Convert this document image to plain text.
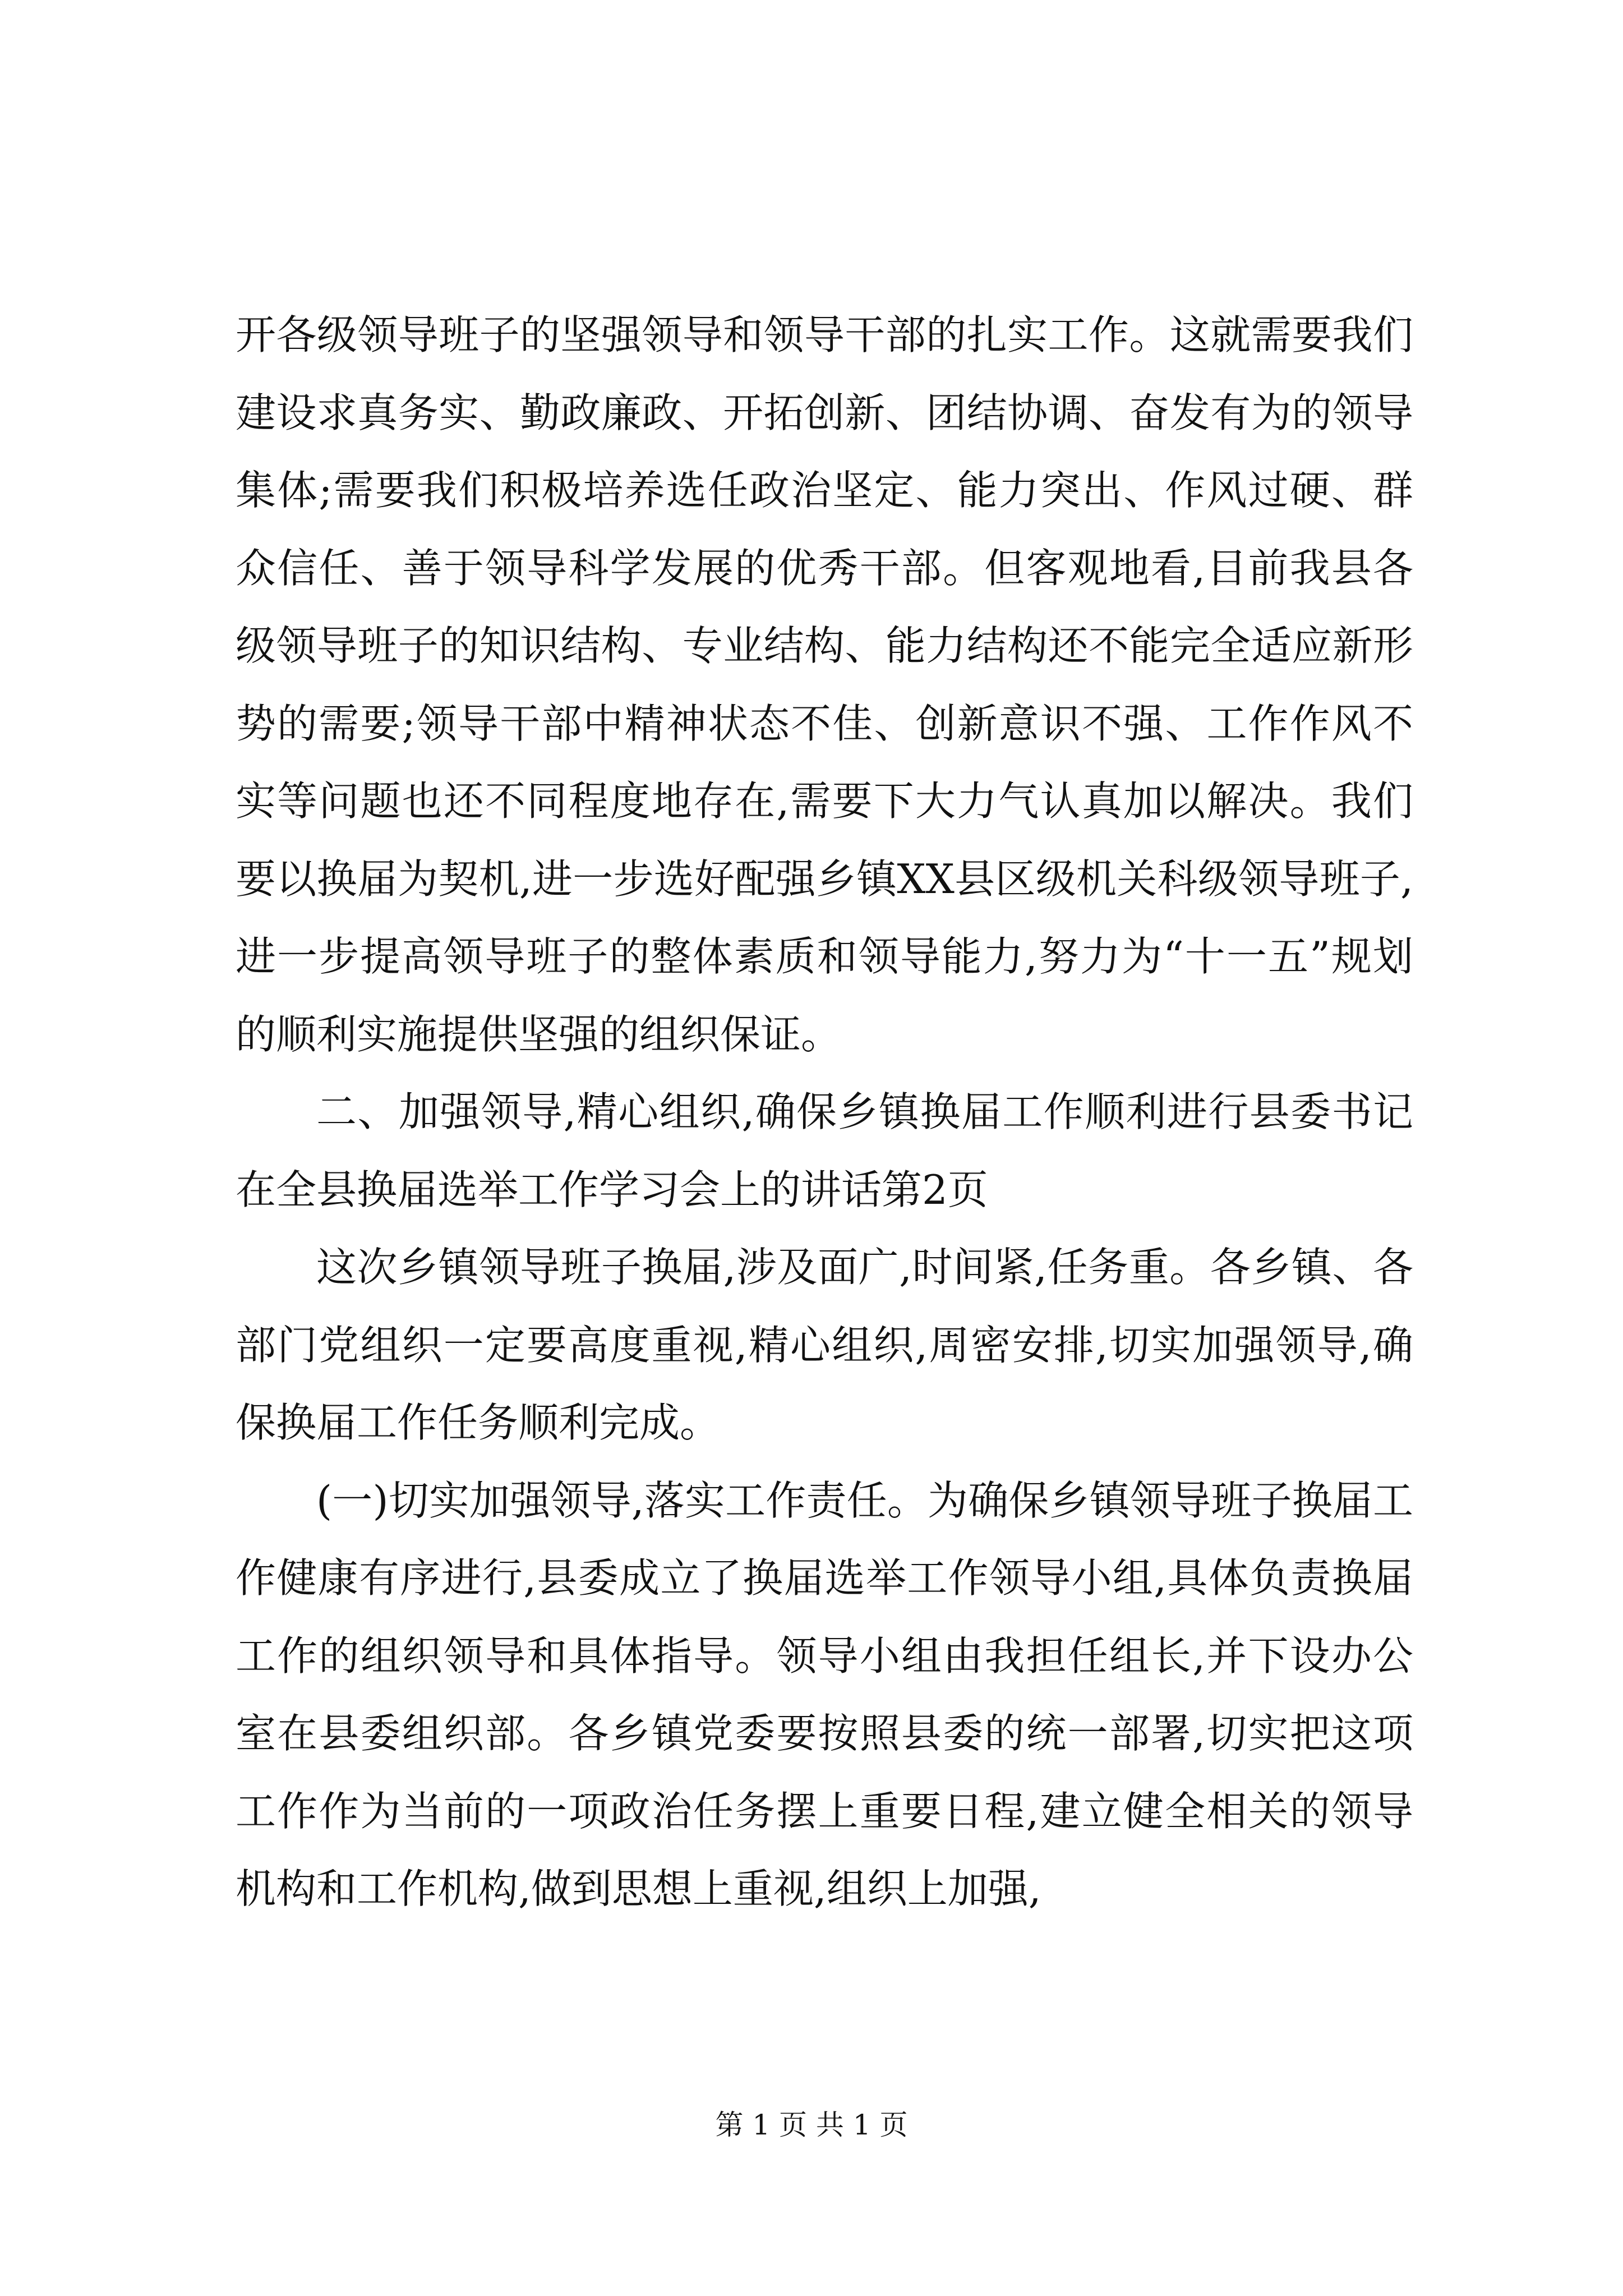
开各级领导班子的坚强领导和领导干部的扎实工作。这就需要我们建设求真务实、勤政廉政、开拓创新、团结协调、奋发有为的领导集体;需要我们积极培养选任政治坚定、能力突出、作风过硬、群众信任、善于领导科学发展的优秀干部。但客观地看,目前我县各级领导班子的知识结构、专业结构、能力结构还不能完全适应新形势的需要;领导干部中精神状态不佳、创新意识不强、工作作风不实等问题也还不同程度地存在,需要下大力气认真加以解决。我们要以换届为契机,进一步选好配强乡镇XX县区级机关科级领导班子,进一步提高领导班子的整体素质和领导能力,努力为“十一五”规划的顺利实施提供坚强的组织保证。

二、加强领导,精心组织,确保乡镇换届工作顺利进行县委书记在全县换届选举工作学习会上的讲话第2页

这次乡镇领导班子换届,涉及面广,时间紧,任务重。各乡镇、各部门党组织一定要高度重视,精心组织,周密安排,切实加强领导,确保换届工作任务顺利完成。

(一)切实加强领导,落实工作责任。为确保乡镇领导班子换届工作健康有序进行,县委成立了换届选举工作领导小组,具体负责换届工作的组织领导和具体指导。领导小组由我担任组长,并下设办公室在县委组织部。各乡镇党委要按照县委的统一部署,切实把这项工作作为当前的一项政治任务摆上重要日程,建立健全相关的领导机构和工作机构,做到思想上重视,组织上加强,

第 1 页 共 1 页
